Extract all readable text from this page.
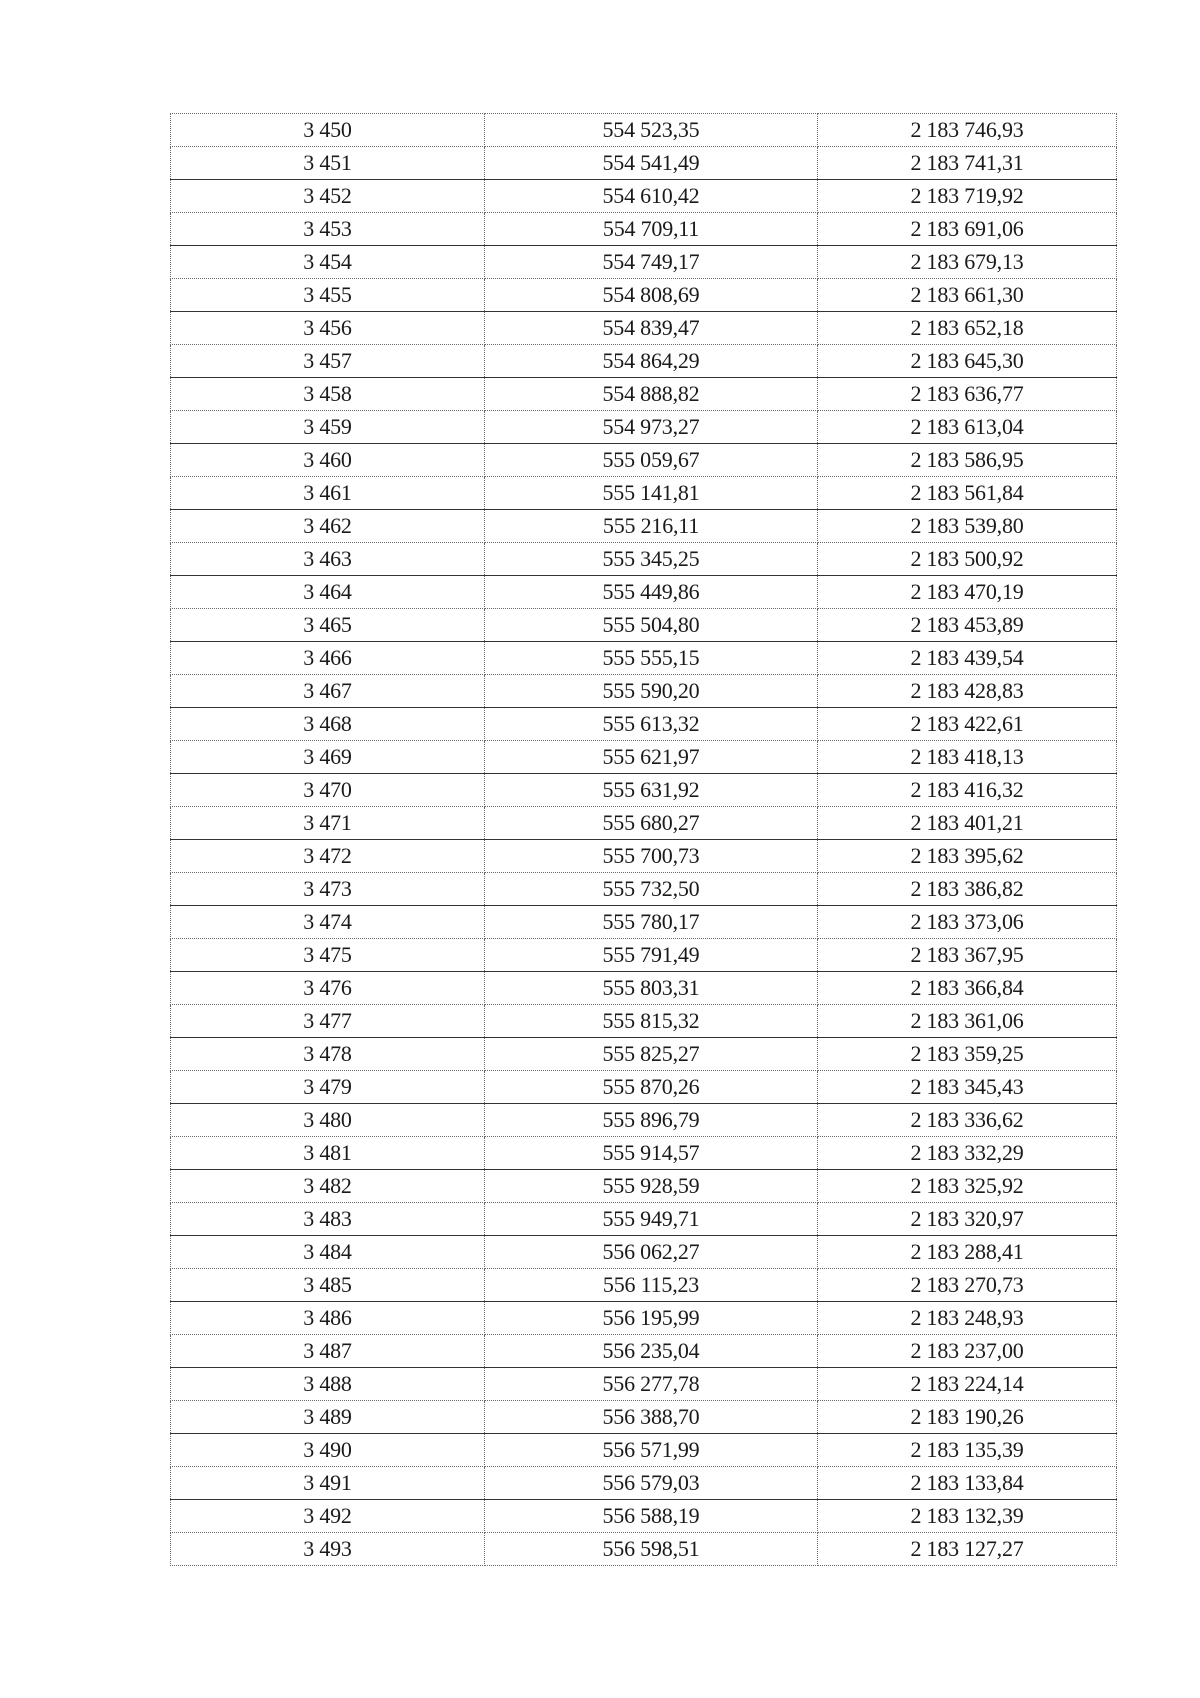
3 450	554 523,35	2 183 746,93
3 451	554 541,49	2 183 741,31
3 452	554 610,42	2 183 719,92
3 453	554 709,11	2 183 691,06
3 454	554 749,17	2 183 679,13
3 455	554 808,69	2 183 661,30
3 456	554 839,47	2 183 652,18
3 457	554 864,29	2 183 645,30
3 458	554 888,82	2 183 636,77
3 459	554 973,27	2 183 613,04
3 460	555 059,67	2 183 586,95
3 461	555 141,81	2 183 561,84
3 462	555 216,11	2 183 539,80
3 463	555 345,25	2 183 500,92
3 464	555 449,86	2 183 470,19
3 465	555 504,80	2 183 453,89
3 466	555 555,15	2 183 439,54
3 467	555 590,20	2 183 428,83
3 468	555 613,32	2 183 422,61
3 469	555 621,97	2 183 418,13
3 470	555 631,92	2 183 416,32
3 471	555 680,27	2 183 401,21
3 472	555 700,73	2 183 395,62
3 473	555 732,50	2 183 386,82
3 474	555 780,17	2 183 373,06
3 475	555 791,49	2 183 367,95
3 476	555 803,31	2 183 366,84
3 477	555 815,32	2 183 361,06
3 478	555 825,27	2 183 359,25
3 479	555 870,26	2 183 345,43
3 480	555 896,79	2 183 336,62
3 481	555 914,57	2 183 332,29
3 482	555 928,59	2 183 325,92
3 483	555 949,71	2 183 320,97
3 484	556 062,27	2 183 288,41
3 485	556 115,23	2 183 270,73
3 486	556 195,99	2 183 248,93
3 487	556 235,04	2 183 237,00
3 488	556 277,78	2 183 224,14
3 489	556 388,70	2 183 190,26
3 490	556 571,99	2 183 135,39
3 491	556 579,03	2 183 133,84
3 492	556 588,19	2 183 132,39
3 493	556 598,51	2 183 127,27
